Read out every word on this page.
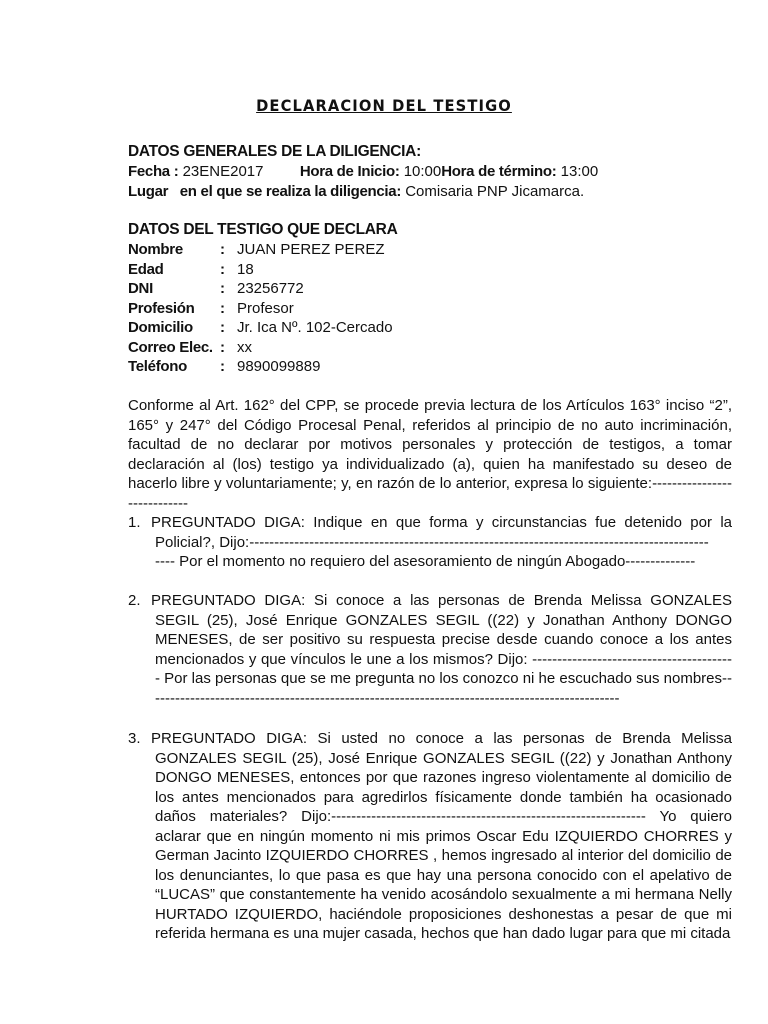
DECLARACION DEL TESTIGO
DATOS GENERALES DE LA DILIGENCIA:
Fecha : 23ENE2017 Hora de Inicio: 10:00Hora de término: 13:00
Lugar   en el que se realiza la diligencia: Comisaria PNP Jicamarca.
DATOS DEL TESTIGO QUE DECLARA
Nombre : JUAN PEREZ PEREZ
Edad	: 18
DNI	: 23256772
Profesión : Profesor
Domicilio : Jr. Ica Nº. 102-Cercado
Correo Elec. : xx
Teléfono : 9890099889

Conforme al Art. 162° del CPP, se procede previa lectura de los Artículos 163° inciso “2”, 165° y 247° del Código Procesal Penal, referidos al principio de no auto incriminación, facultad de no declarar por motivos personales y protección de testigos, a tomar declaración al (los) testigo ya individualizado (a), quien ha manifestado su deseo de hacerlo libre y voluntariamente; y, en razón de lo anterior, expresa lo siguiente:----------------------------

1. PREGUNTADO DIGA: Indique en que forma y circunstancias fue detenido por la Policial?, Dijo:--------------------------------------------------------------------------------------------

---- Por el momento no requiero del asesoramiento de ningún Abogado--------------

2. PREGUNTADO DIGA: Si conoce a las personas de Brenda Melissa GONZALES SEGIL (25), José Enrique GONZALES SEGIL ((22) y Jonathan Anthony DONGO MENESES, de ser positivo su respuesta precise desde cuando conoce a los antes mencionados y que vínculos le une a los mismos? Dijo: ----------------------------------------- Por las personas que se me pregunta no los conozco ni he escuchado sus nombres-----------------------------------------------------------------------------------------------

3. PREGUNTADO DIGA: Si usted no conoce a las personas de Brenda Melissa GONZALES SEGIL (25), José Enrique GONZALES SEGIL ((22) y Jonathan Anthony DONGO MENESES, entonces por que razones ingreso violentamente al domicilio de los antes mencionados para agredirlos físicamente donde también ha ocasionado daños materiales? Dijo:--------------------------------------------------------------- Yo quiero aclarar que en ningún momento ni mis primos Oscar Edu IZQUIERDO CHORRES y German Jacinto IZQUIERDO CHORRES , hemos ingresado al interior del domicilio de los denunciantes, lo que pasa es que hay una persona conocido con el apelativo de “LUCAS” que constantemente ha venido acosándolo sexualmente a mi hermana Nelly HURTADO IZQUIERDO, haciéndole proposiciones deshonestas a pesar de que mi referida hermana es una mujer casada, hechos que han dado lugar para que mi citada
